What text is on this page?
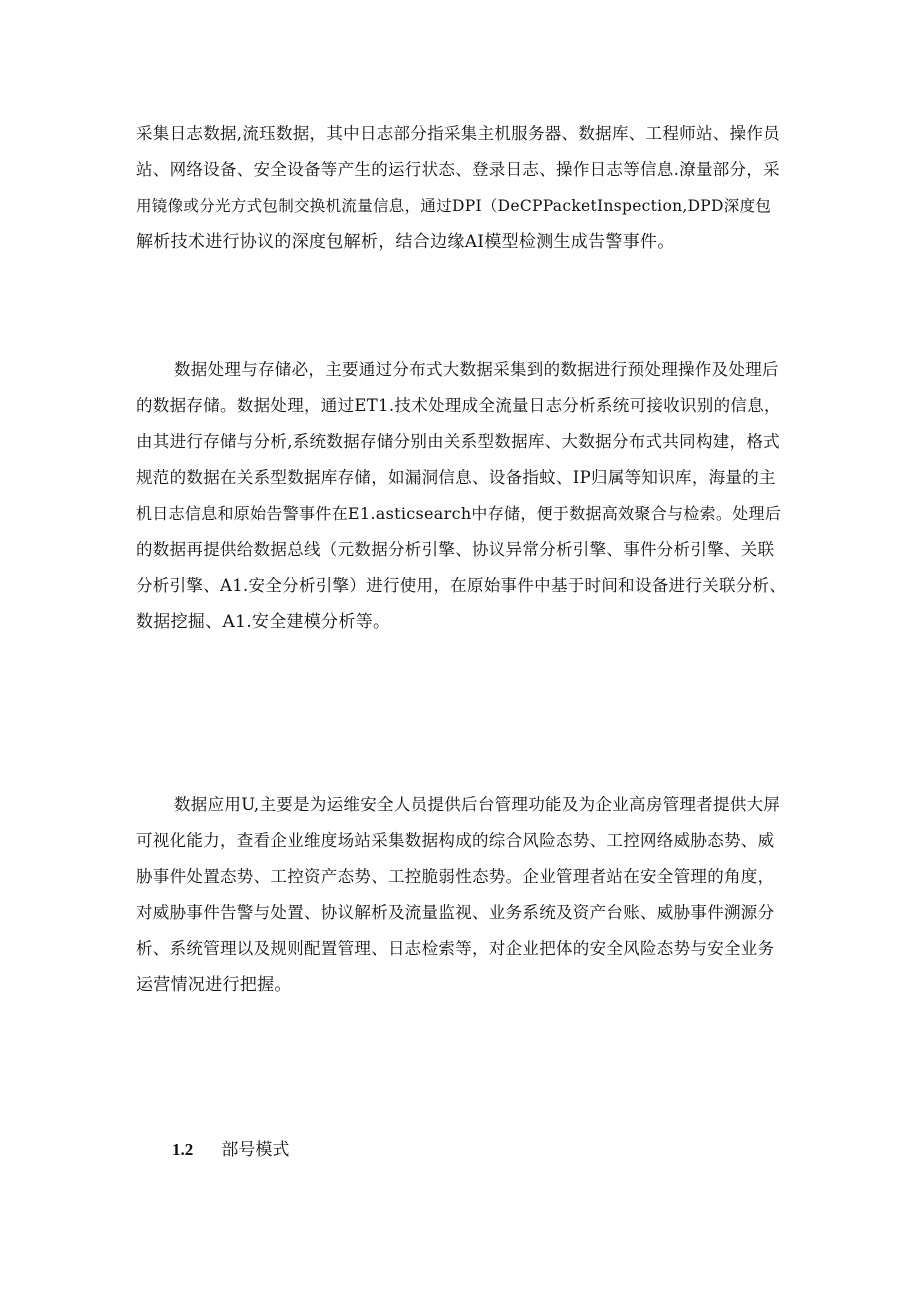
采集日志数据,流珏数据，其中日志部分指采集主机服务器、数据库、工程师站、操作员
站、网络设备、安全设备等产生的运行状态、登录日志、操作日志等信息.潦量部分，采
用镜像或分光方式包制交换机流量信息，通过DPI（DeCPPacketInspection,DPD深度包
解析技术进行协议的深度包解析，结合边缘AI模型检测生成告警事件。
数据处理与存储必，主要通过分布式大数据采集到的数据进行预处理操作及处理后
的数据存储。数据处理，通过ET1.技术处理成全流量日志分析系统可接收识别的信息，
由其进行存储与分析,系统数据存储分别由关系型数据库、大数据分布式共同构建，格式
规范的数据在关系型数据库存储，如漏洞信息、设备指蚊、IP归属等知识库，海量的主
机日志信息和原始告警事件在E1.asticsearch中存储，便于数据高效聚合与检索。处理后
的数据再提供给数据总线（元数据分析引擎、协议异常分析引擎、事件分析引擎、关联
分析引擎、A1.安全分析引擎）进行使用，在原始事件中基于时间和设备进行关联分析、
数据挖掘、A1.安全建模分析等。
数据应用U,主要是为运维安全人员提供后台管理功能及为企业高房管理者提供大屏
可视化能力，查看企业维度场站采集数据构成的综合风险态势、工控网络威胁态势、威
胁事件处置态势、工控资产态势、工控脆弱性态势。企业管理者站在安全管理的角度，
对威胁事件告警与处置、协议解析及流量监视、业务系统及资产台账、威胁事件溯源分
析、系统管理以及规则配置管理、日志检索等，对企业把体的安全风险态势与安全业务
运营情况进行把握。
1.2 部号模式
